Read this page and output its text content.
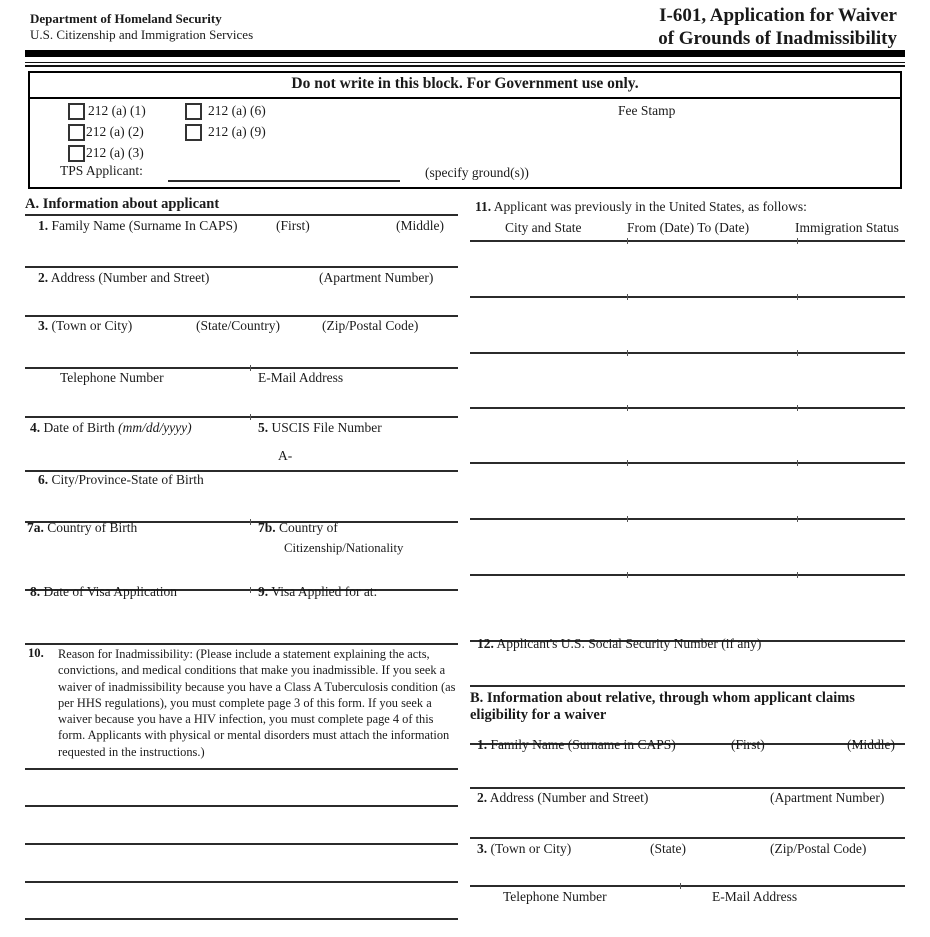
Department of Homeland Security
U.S. Citizenship and Immigration Services
I-601, Application for Waiver
of Grounds of Inadmissibility
Do not write in this block. For Government use only.
212 (a) (1)
212 (a) (2)
212 (a) (3)
212 (a) (6)
212 (a) (9)
Fee Stamp
TPS Applicant:	(specify ground(s))
A. Information about applicant
1. Family Name (Surname In CAPS)	(First)	(Middle)
2. Address (Number and Street)	(Apartment Number)
3. (Town or City)	(State/Country)	(Zip/Postal Code)
Telephone Number	E-Mail Address
4. Date of Birth (mm/dd/yyyy)	5. USCIS File Number
A-
6. City/Province-State of Birth
7a. Country of Birth	7b. Country of
Citizenship/Nationality
8. Date of Visa Application	9. Visa Applied for at:
10. Reason for Inadmissibility: (Please include a statement explaining the acts, convictions, and medical conditions that make you inadmissible. If you seek a waiver of inadmissibility because you have a Class A Tuberculosis condition (as per HHS regulations), you must complete page 3 of this form. If you seek a waiver because you have a HIV infection, you must complete page 4 of this form. Applicants with physical or mental disorders must attach the information requested in the instructions.)
11. Applicant was previously in the United States, as follows:
City and State	From (Date) To (Date)	Immigration Status
12. Applicant's U.S. Social Security Number (if any)
B. Information about relative, through whom applicant claims
eligibility for a waiver
1. Family Name (Surname in CAPS)	(First)	(Middle)
2. Address (Number and Street)	(Apartment Number)
3. (Town or City)	(State)	(Zip/Postal Code)
Telephone Number	E-Mail Address
